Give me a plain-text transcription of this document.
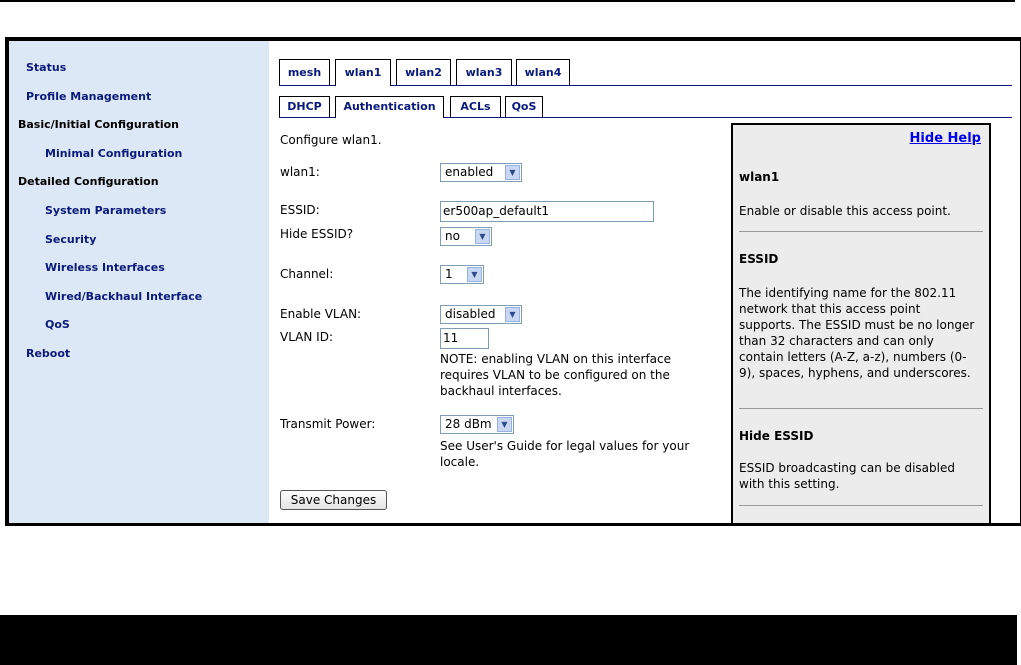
Status
Profile Management
Basic/Initial Configuration
Minimal Configuration
Detailed Configuration
System Parameters
Security
Wireless Interfaces
Wired/Backhaul Interface
QoS
Reboot
mesh	wlan1	wlan2	wlan3	wlan4
DHCP	Authentication	ACLs	QoS
Configure wlan1.
wlan1:	enabled	▼
ESSID:	er500ap_default1
Hide ESSID?	no	▼
Channel:	1	▼
Enable VLAN:	disabled	▼
VLAN ID:	11
NOTE: enabling VLAN on this interface requires VLAN to be configured on the backhaul interfaces.
Transmit Power:	28 dBm	▼
See User's Guide for legal values for your locale.
Save Changes
Hide Help
wlan1
Enable or disable this access point.
ESSID
The identifying name for the 802.11 network that this access point supports. The ESSID must be no longer than 32 characters and can only contain letters (A-Z, a-z), numbers (0-9), spaces, hyphens, and underscores.
Hide ESSID
ESSID broadcasting can be disabled with this setting.
